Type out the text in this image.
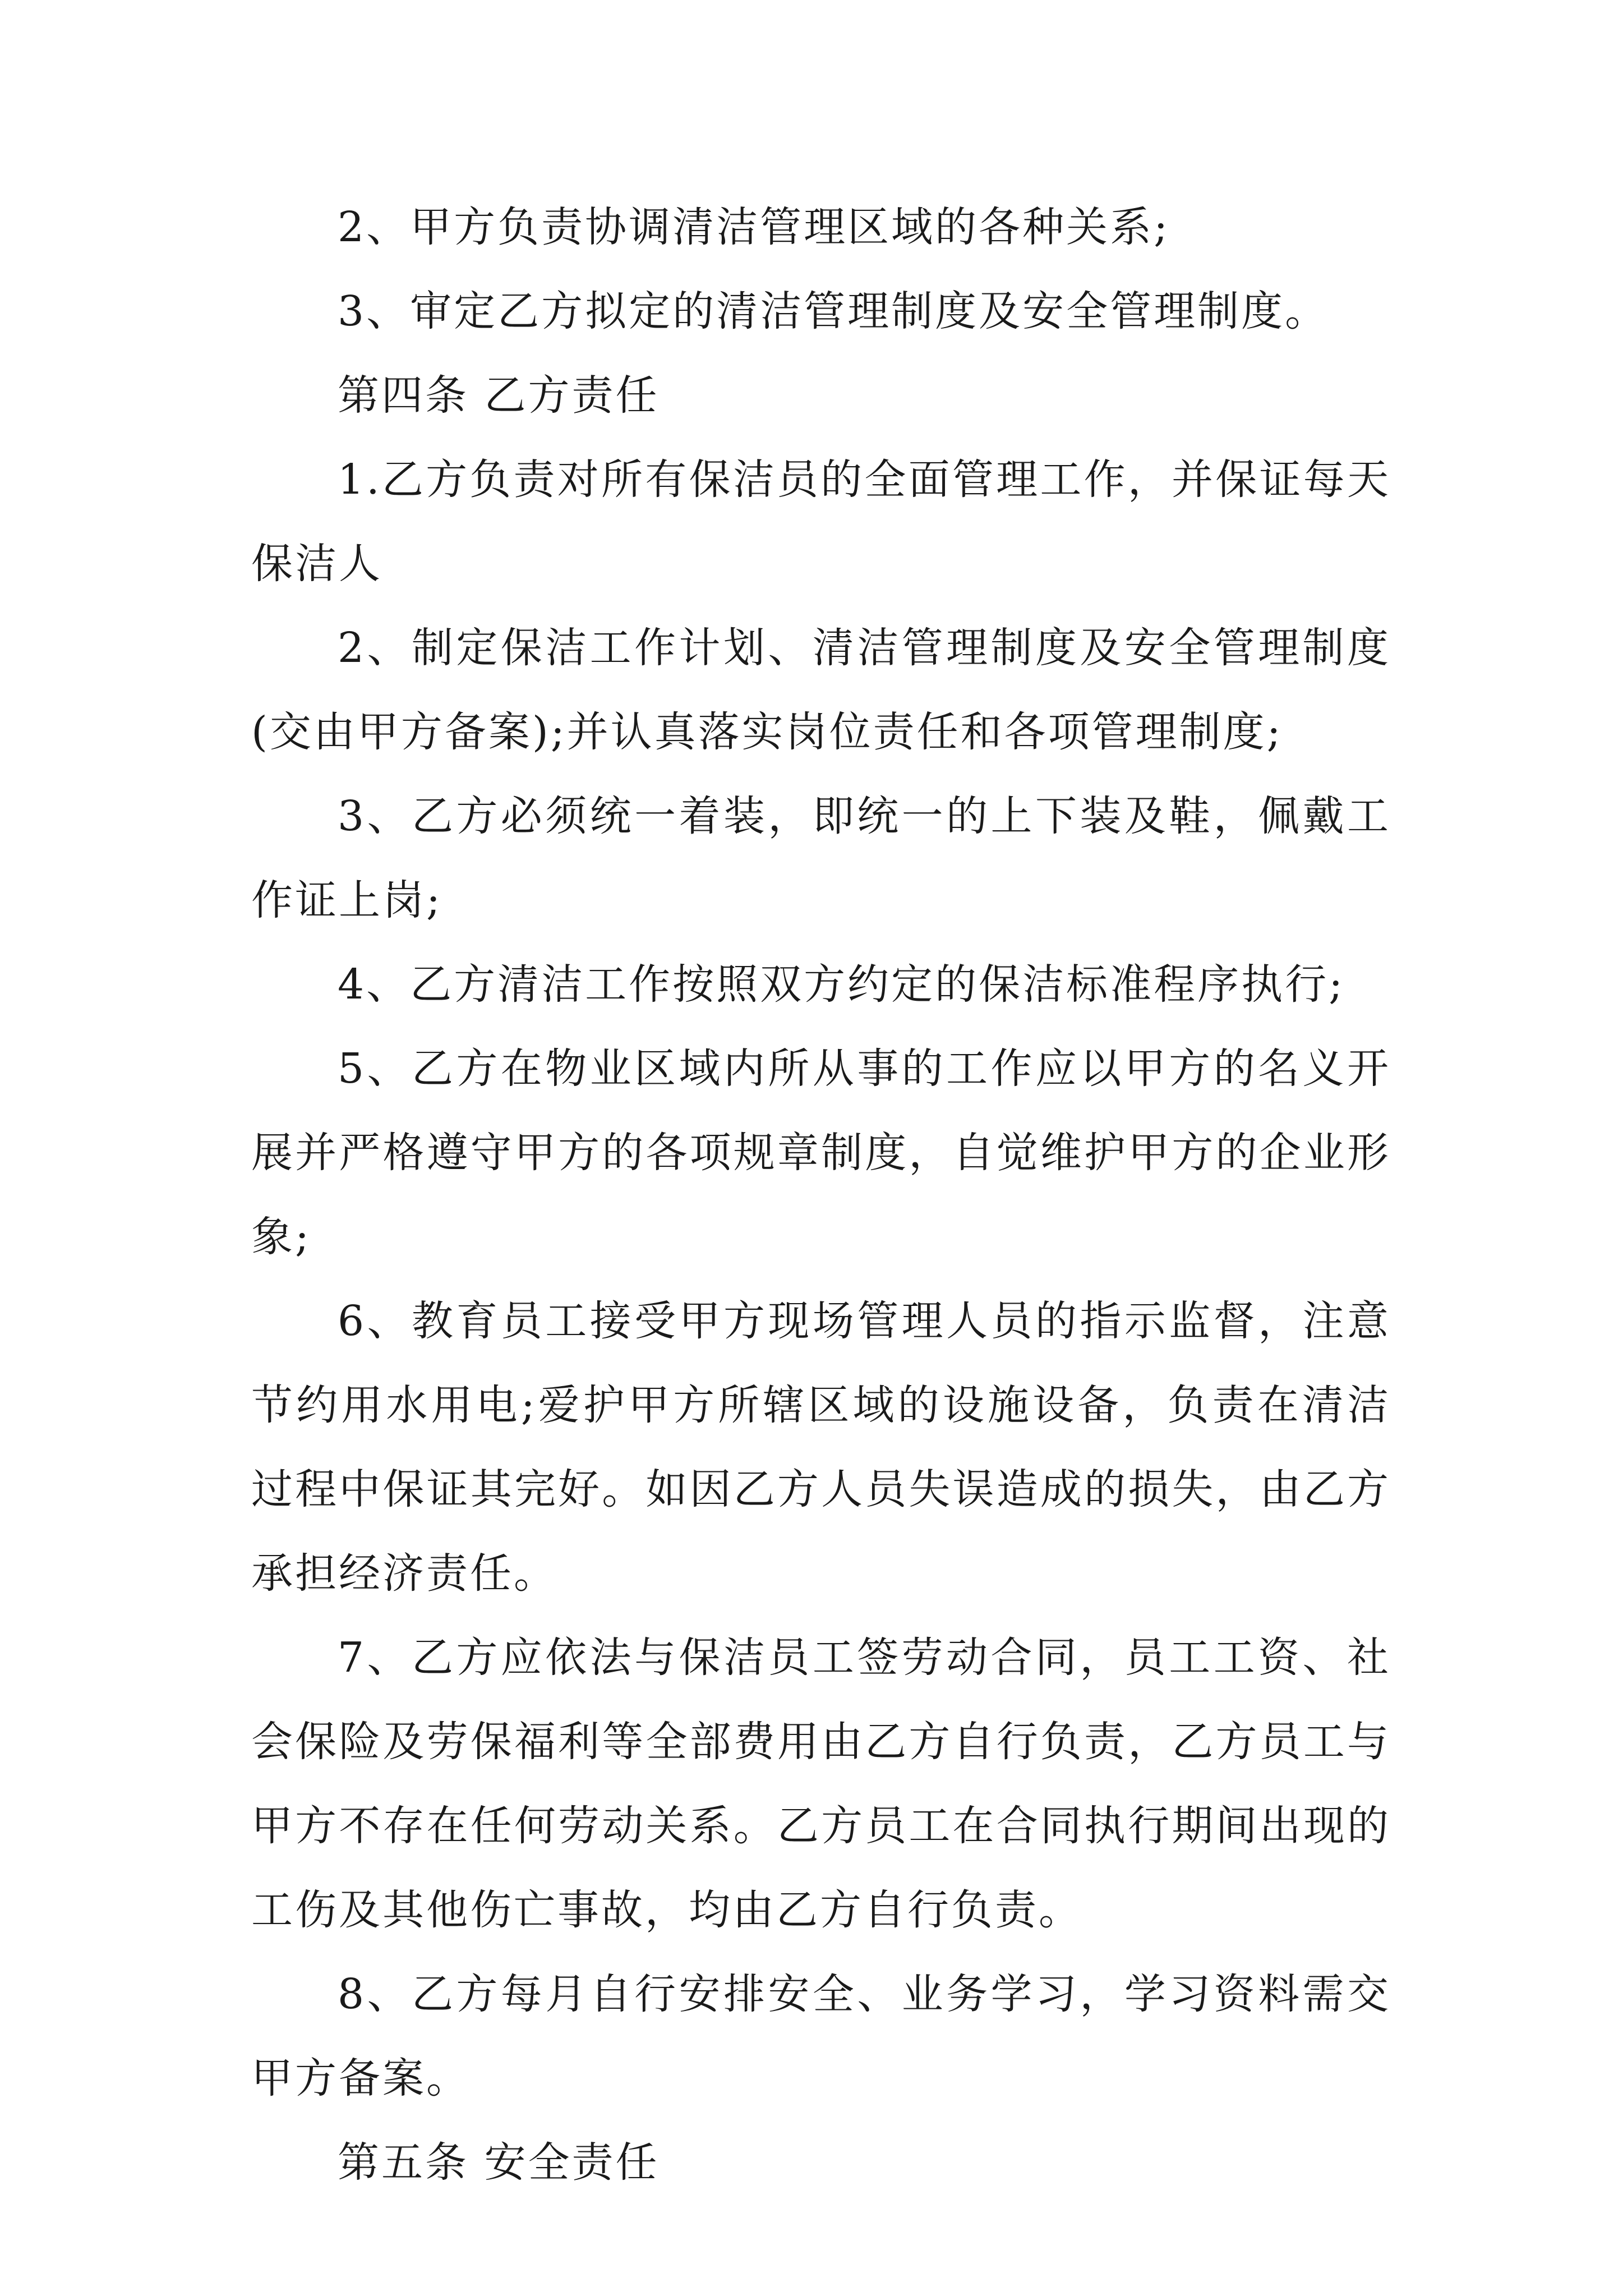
2、甲方负责协调清洁管理区域的各种关系;

3、审定乙方拟定的清洁管理制度及安全管理制度。

第四条 乙方责任

1.乙方负责对所有保洁员的全面管理工作，并保证每天保洁人

2、制定保洁工作计划、清洁管理制度及安全管理制度(交由甲方备案);并认真落实岗位责任和各项管理制度;

3、乙方必须统一着装，即统一的上下装及鞋，佩戴工作证上岗;

4、乙方清洁工作按照双方约定的保洁标准程序执行;

5、乙方在物业区域内所从事的工作应以甲方的名义开展并严格遵守甲方的各项规章制度，自觉维护甲方的企业形象;

6、教育员工接受甲方现场管理人员的指示监督，注意节约用水用电;爱护甲方所辖区域的设施设备，负责在清洁过程中保证其完好。如因乙方人员失误造成的损失，由乙方承担经济责任。

7、乙方应依法与保洁员工签劳动合同，员工工资、社会保险及劳保福利等全部费用由乙方自行负责，乙方员工与甲方不存在任何劳动关系。乙方员工在合同执行期间出现的工伤及其他伤亡事故，均由乙方自行负责。

8、乙方每月自行安排安全、业务学习，学习资料需交甲方备案。

第五条 安全责任
